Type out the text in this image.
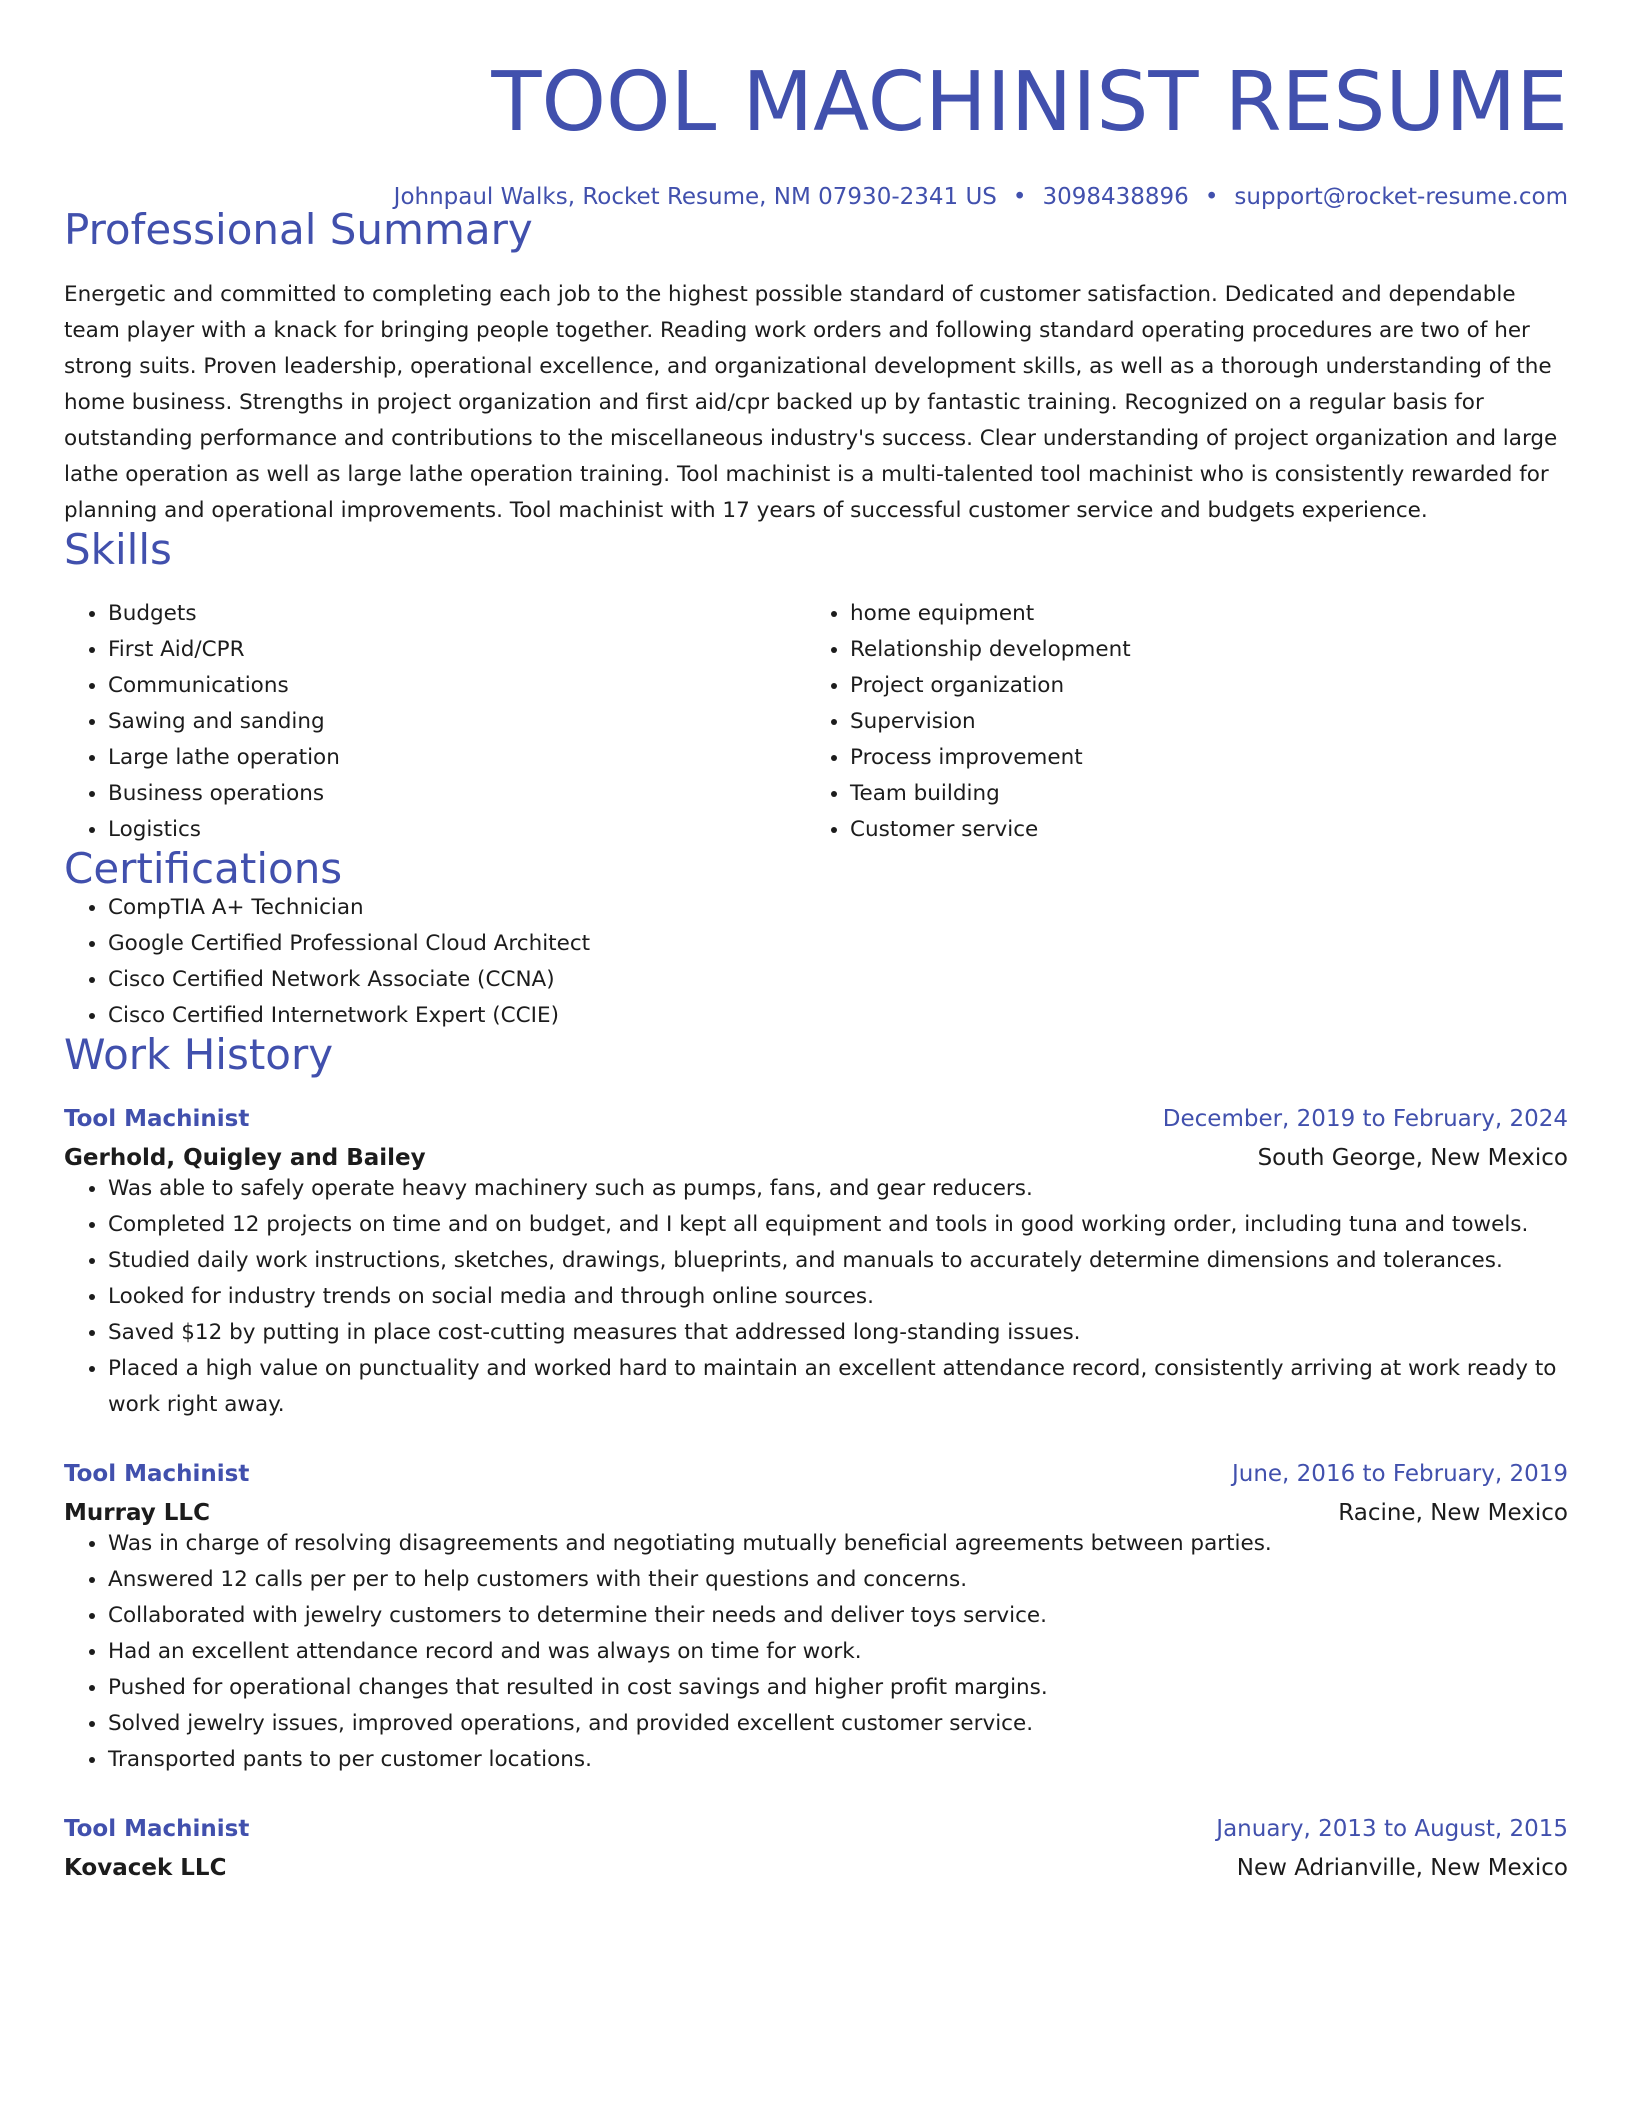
TOOL MACHINIST RESUME
Johnpaul Walks, Rocket Resume, NM 07930-2341 US • 3098438896 • support@rocket-resume.com
Professional Summary

Energetic and committed to completing each job to the highest possible standard of customer satisfaction. Dedicated and dependable team player with a knack for bringing people together. Reading work orders and following standard operating procedures are two of her strong suits. Proven leadership, operational excellence, and organizational development skills, as well as a thorough understanding of the home business. Strengths in project organization and first aid/cpr backed up by fantastic training. Recognized on a regular basis for outstanding performance and contributions to the miscellaneous industry's success. Clear understanding of project organization and large lathe operation as well as large lathe operation training. Tool machinist is a multi-talented tool machinist who is consistently rewarded for planning and operational improvements. Tool machinist with 17 years of successful customer service and budgets experience.

Skills
• Budgets
• First Aid/CPR
• Communications
• Sawing and sanding
• Large lathe operation
• Business operations
• Logistics
• home equipment
• Relationship development
• Project organization
• Supervision
• Process improvement
• Team building
• Customer service
Certifications
• CompTIA A+ Technician
• Google Certified Professional Cloud Architect
• Cisco Certified Network Associate (CCNA)
• Cisco Certified Internetwork Expert (CCIE)
Work History
Tool Machinist	December, 2019 to February, 2024
Gerhold, Quigley and Bailey	South George, New Mexico
• Was able to safely operate heavy machinery such as pumps, fans, and gear reducers.
• Completed 12 projects on time and on budget, and I kept all equipment and tools in good working order, including tuna and towels.
• Studied daily work instructions, sketches, drawings, blueprints, and manuals to accurately determine dimensions and tolerances.
• Looked for industry trends on social media and through online sources.
• Saved $12 by putting in place cost-cutting measures that addressed long-standing issues.
• Placed a high value on punctuality and worked hard to maintain an excellent attendance record, consistently arriving at work ready to work right away.
Tool Machinist	June, 2016 to February, 2019
Murray LLC	Racine, New Mexico
• Was in charge of resolving disagreements and negotiating mutually beneficial agreements between parties.
• Answered 12 calls per per to help customers with their questions and concerns.
• Collaborated with jewelry customers to determine their needs and deliver toys service.
• Had an excellent attendance record and was always on time for work.
• Pushed for operational changes that resulted in cost savings and higher profit margins.
• Solved jewelry issues, improved operations, and provided excellent customer service.
• Transported pants to per customer locations.
Tool Machinist	January, 2013 to August, 2015
Kovacek LLC	New Adrianville, New Mexico
